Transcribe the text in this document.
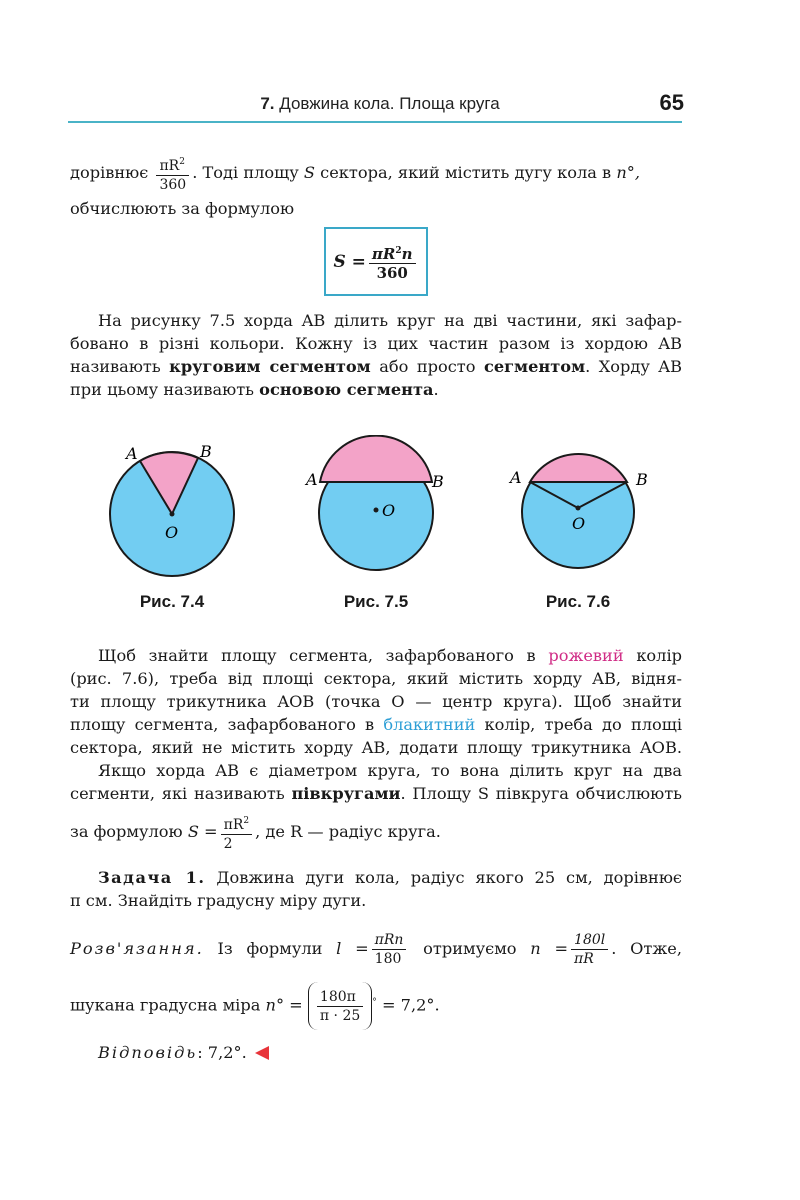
7. Довжина кола. Площа круга	65
дорівнює $\frac{\pi R^2}{360}$ . Тоді площу S сектора, який містить дугу кола в n°,
обчислюють за формулою
$S = \frac{\pi R^2n}{360}$
На рисунку 7.5 хорда AB ділить круг на дві частини, які зафар-
бовано в різні кольори. Кожну із цих частин разом із хордою AB
називають круговим сегментом або просто сегментом. Хорду AB
при цьому називають основою сегмента.
A	B
O
A	B
O
A	B
O
Рис. 7.4	Рис. 7.5	Рис. 7.6
Щоб знайти площу сегмента, зафарбованого в рожевий колір
(рис. 7.6), треба від площі сектора, який містить хорду AB, відня-
ти площу трикутника AOB (точка O — центр круга). Щоб знайти
площу сегмента, зафарбованого в блакитний колір, треба до площі
сектора, який не містить хорду AB, додати площу трикутника AOB.
Якщо хорда AB є діаметром круга, то вона ділить круг на два
сегменти, які називають півкругами. Площу S півкруга обчислюють
за формулою $S = \frac{\pi R^2}{2}$ , де R — радіус круга.
Задача 1. Довжина дуги кола, радіус якого 25 см, дорівнює
π см. Знайдіть градусну міру дуги.
Розв'язання. Із формули $l = \frac{\text{πRn}}{180}$ отримуємо $n = \frac{180l}{\pi R}$ . Отже,
шукана градусна міра $n^\circ = \frac{180\pi}{\pi \cdot 25} ^\circ = 7,2^\circ$.
Відповідь: 7,2°.
